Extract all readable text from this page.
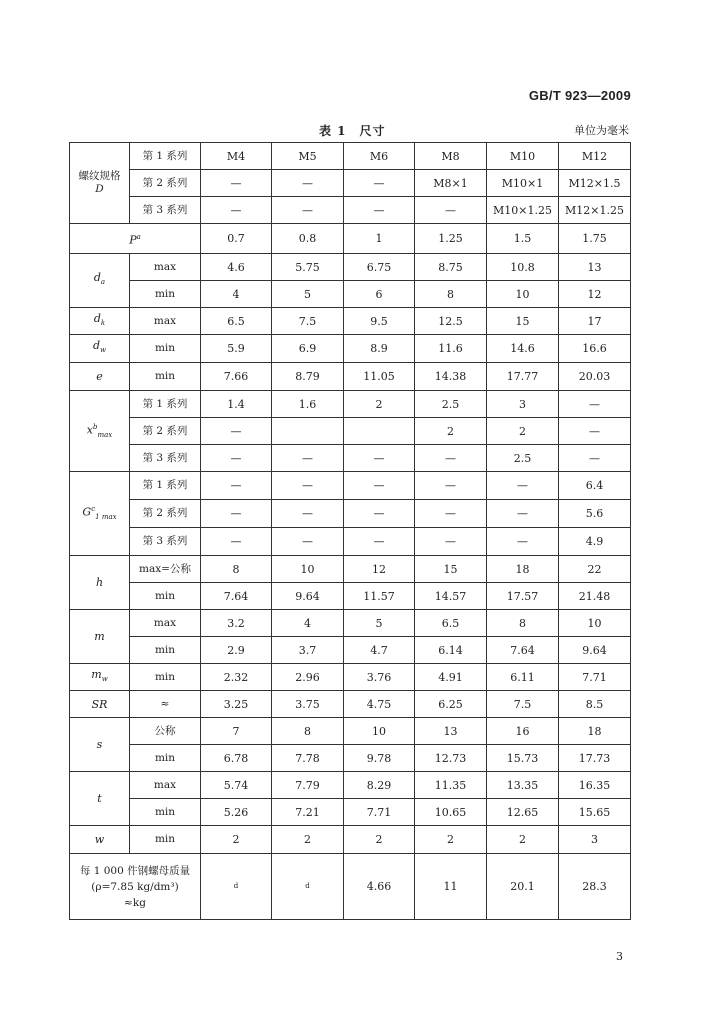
GB/T 923—2009
表 1　尺寸	单位为毫米
螺纹规格
D	第 1 系列	M4	M5	M6	M8	M10	M12
	第 2 系列	—	—	—	M8×1	M10×1	M12×1.5
	第 3 系列	—	—	—	—	M10×1.25	M12×1.25
$P^a$		0.7	0.8	1	1.25	1.5	1.75
$d_a$	max	4.6	5.75	6.75	8.75	10.8	13
	min	4	5	6	8	10	12
$d_k$	max	6.5	7.5	9.5	12.5	15	17
$d_w$	min	5.9	6.9	8.9	11.6	14.6	16.6
e	min	7.66	8.79	11.05	14.38	17.77	20.03
$x^b_{max}$	第 1 系列	1.4	1.6	2	2.5	3	—
	第 2 系列	—			2	2	—
	第 3 系列	—	—	—	—	2.5	—
$G^c_{1 max}$	第 1 系列	—	—	—	—	—	6.4
	第 2 系列	—	—	—	—	—	5.6
	第 3 系列	—	—	—	—	—	4.9
h	max=公称	8	10	12	15	18	22
	min	7.64	9.64	11.57	14.57	17.57	21.48
m	max	3.2	4	5	6.5	8	10
	min	2.9	3.7	4.7	6.14	7.64	9.64
$m_w$	min	2.32	2.96	3.76	4.91	6.11	7.71
SR	≈	3.25	3.75	4.75	6.25	7.5	8.5
s	公称	7	8	10	13	16	18
	min	6.78	7.78	9.78	12.73	15.73	17.73
t	max	5.74	7.79	8.29	11.35	13.35	16.35
	min	5.26	7.21	7.71	10.65	12.65	15.65
w	min	2	2	2	2	2	3

每 1 000 件钢螺母质量
(ρ=7.85 kg/dm³)
≈kg		d	d	4.66	11	20.1	28.3
3
